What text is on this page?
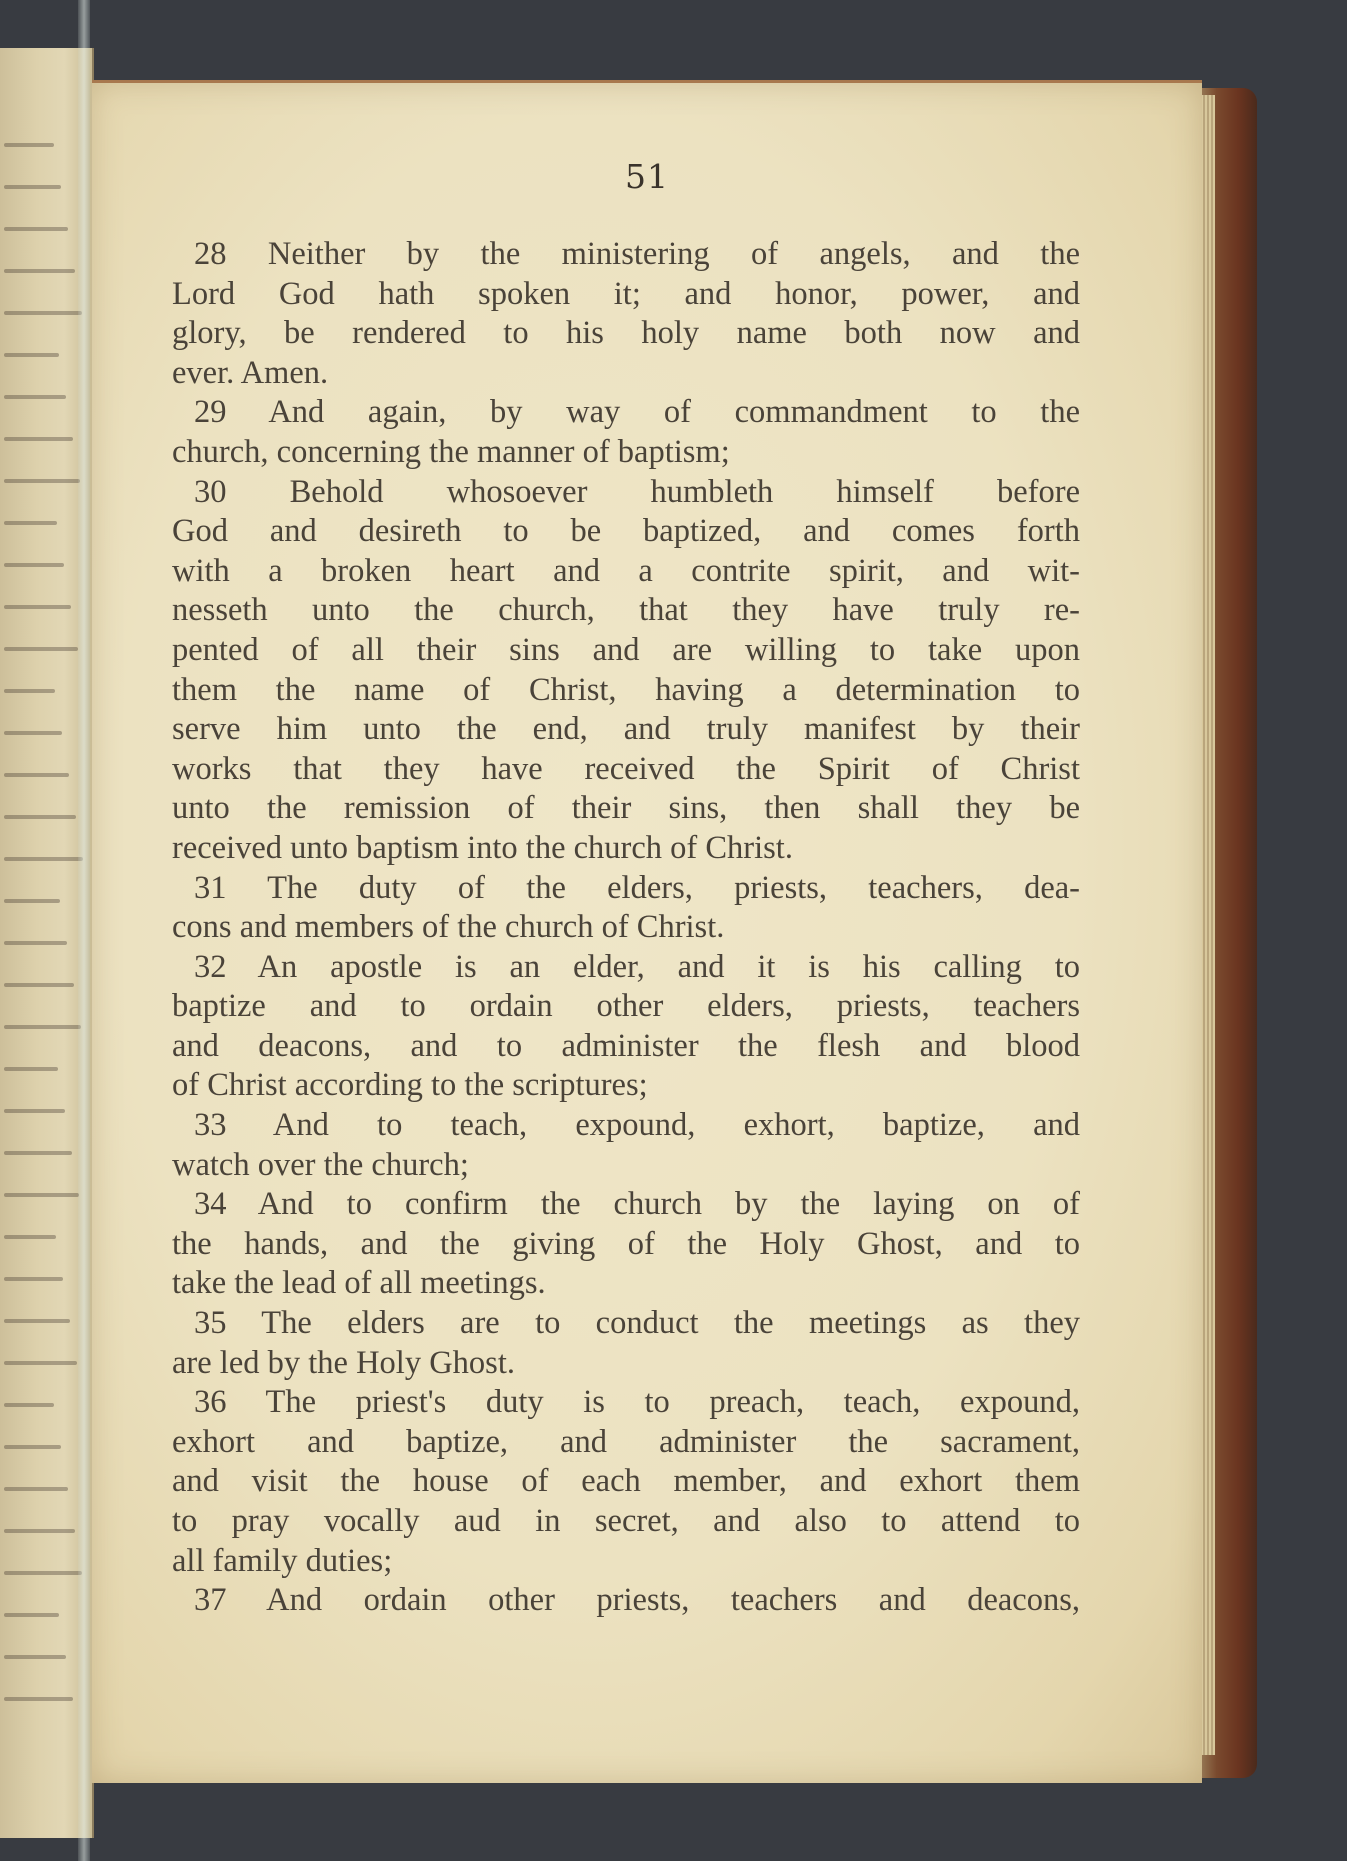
51
28 Neither by the ministering of angels, and the
Lord God hath spoken it; and honor, power, and
glory, be rendered to his holy name both now and
ever. Amen.
29 And again, by way of commandment to the
church, concerning the manner of baptism;
30 Behold whosoever humbleth himself before
God and desireth to be baptized, and comes forth
with a broken heart and a contrite spirit, and wit-
nesseth unto the church, that they have truly re-
pented of all their sins and are willing to take upon
them the name of Christ, having a determination to
serve him unto the end, and truly manifest by their
works that they have received the Spirit of Christ
unto the remission of their sins, then shall they be
received unto baptism into the church of Christ.
31 The duty of the elders, priests, teachers, dea-
cons and members of the church of Christ.
32 An apostle is an elder, and it is his calling to
baptize and to ordain other elders, priests, teachers
and deacons, and to administer the flesh and blood
of Christ according to the scriptures;
33 And to teach, expound, exhort, baptize, and
watch over the church;
34 And to confirm the church by the laying on of
the hands, and the giving of the Holy Ghost, and to
take the lead of all meetings.
35 The elders are to conduct the meetings as they
are led by the Holy Ghost.
36 The priest's duty is to preach, teach, expound,
exhort and baptize, and administer the sacrament,
and visit the house of each member, and exhort them
to pray vocally aud in secret, and also to attend to
all family duties;
37 And ordain other priests, teachers and deacons,
